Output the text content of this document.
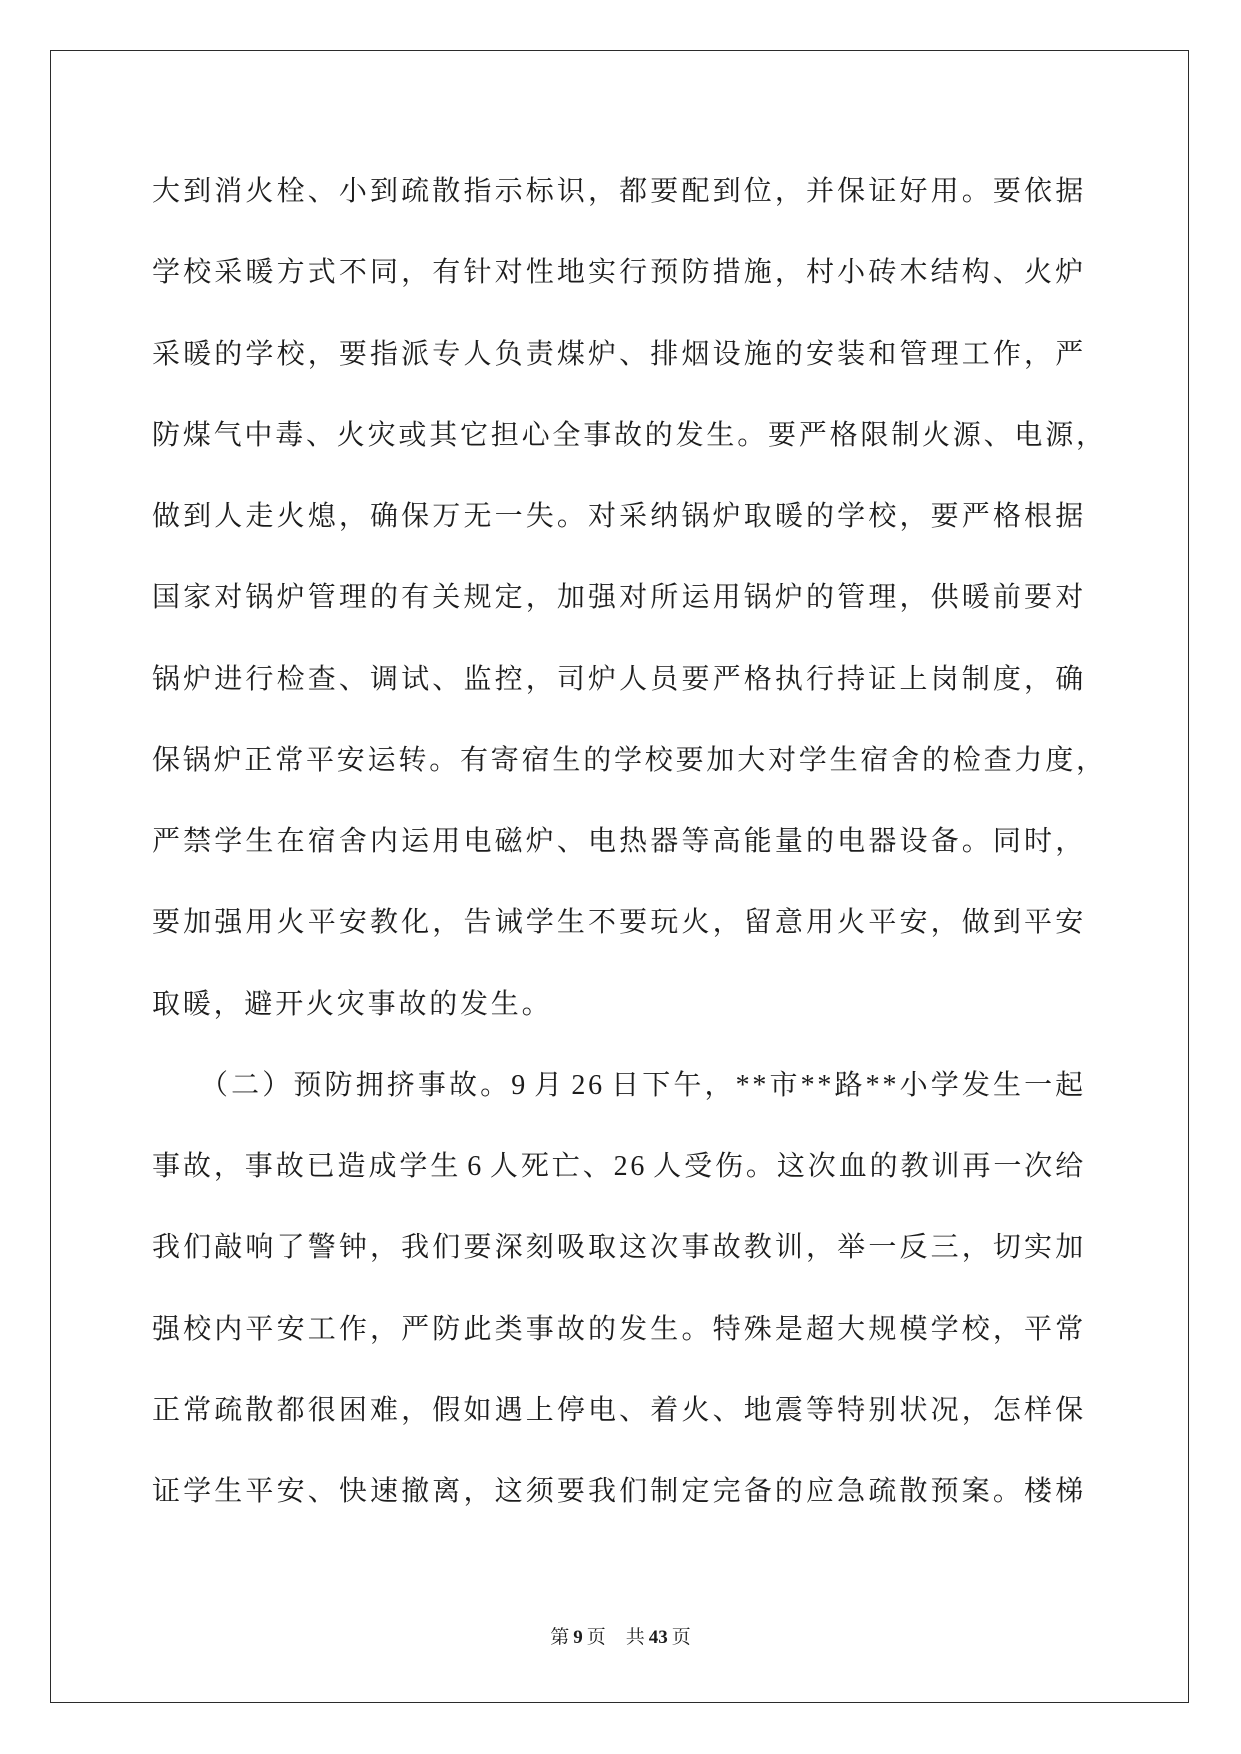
大到消火栓、小到疏散指示标识，都要配到位，并保证好用。要依据
学校采暖方式不同，有针对性地实行预防措施，村小砖木结构、火炉
采暖的学校，要指派专人负责煤炉、排烟设施的安装和管理工作，严
防煤气中毒、火灾或其它担心全事故的发生。要严格限制火源、电源，
做到人走火熄，确保万无一失。对采纳锅炉取暖的学校，要严格根据
国家对锅炉管理的有关规定，加强对所运用锅炉的管理，供暖前要对
锅炉进行检查、调试、监控，司炉人员要严格执行持证上岗制度，确
保锅炉正常平安运转。有寄宿生的学校要加大对学生宿舍的检查力度，
严禁学生在宿舍内运用电磁炉、电热器等高能量的电器设备。同时，
要加强用火平安教化，告诫学生不要玩火，留意用火平安，做到平安
取暖，避开火灾事故的发生。
（二）预防拥挤事故。9 月 26 日下午，**市**路**小学发生一起
事故，事故已造成学生 6 人死亡、26 人受伤。这次血的教训再一次给
我们敲响了警钟，我们要深刻吸取这次事故教训，举一反三，切实加
强校内平安工作，严防此类事故的发生。特殊是超大规模学校，平常
正常疏散都很困难，假如遇上停电、着火、地震等特别状况，怎样保
证学生平安、快速撤离，这须要我们制定完备的应急疏散预案。楼梯
第 9 页 共 43 页
